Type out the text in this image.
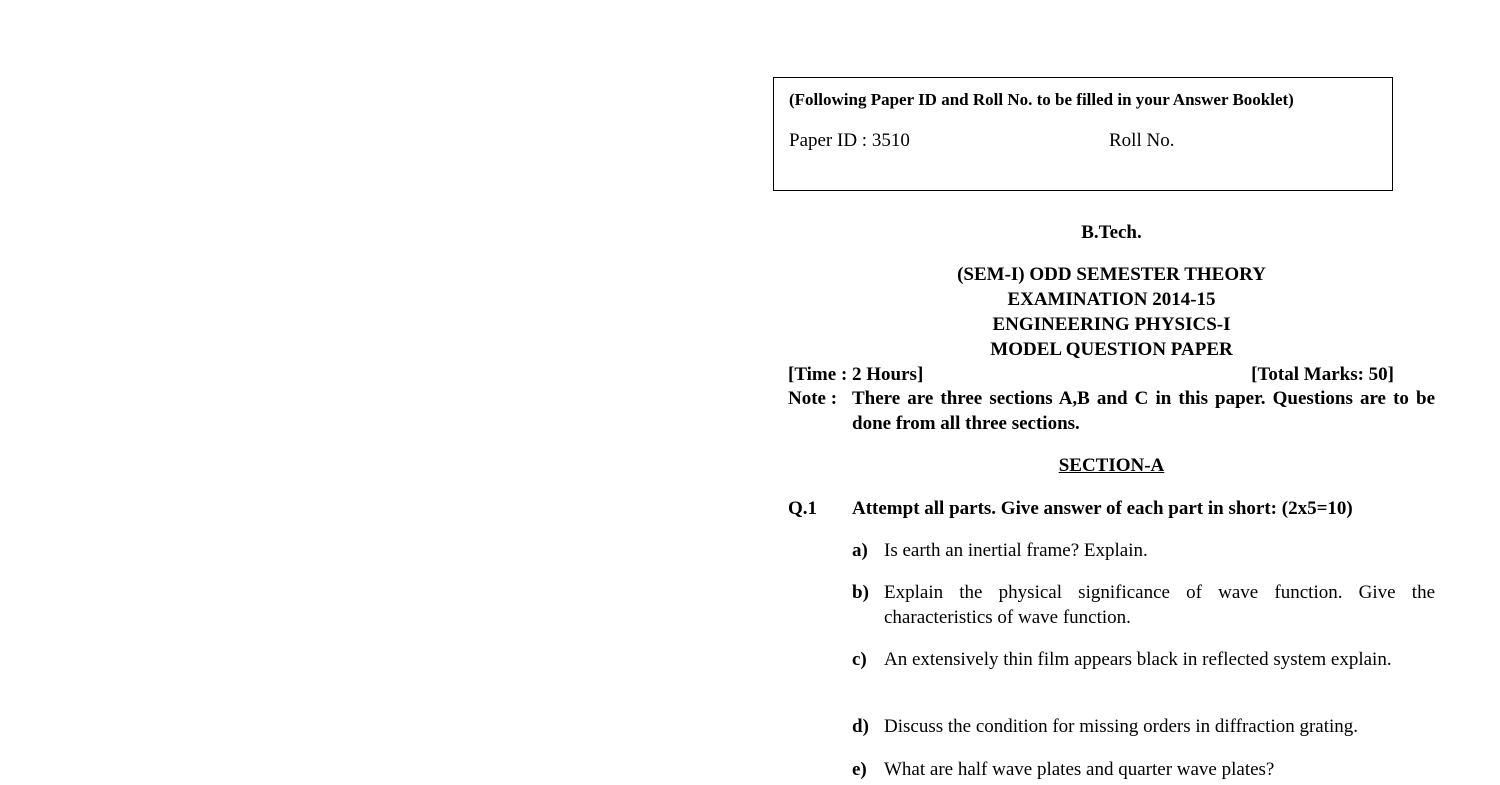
(Following Paper ID and Roll No. to be filled in your Answer Booklet)
Paper ID : 3510	Roll No.
B.Tech.
(SEM-I) ODD SEMESTER THEORY
EXAMINATION 2014-15
ENGINEERING PHYSICS-I
MODEL QUESTION PAPER
[Time : 2 Hours]	[Total Marks: 50]
Note : There are three sections A,B and C in this paper. Questions are to be done from all three sections.
SECTION-A
Q.1 Attempt all parts. Give answer of each part in short: (2x5=10)
a) Is earth an inertial frame? Explain.
b) Explain the physical significance of wave function. Give the characteristics of wave function.
c) An extensively thin film appears black in reflected system explain.
d) Discuss the condition for missing orders in diffraction grating.
e) What are half wave plates and quarter wave plates?
